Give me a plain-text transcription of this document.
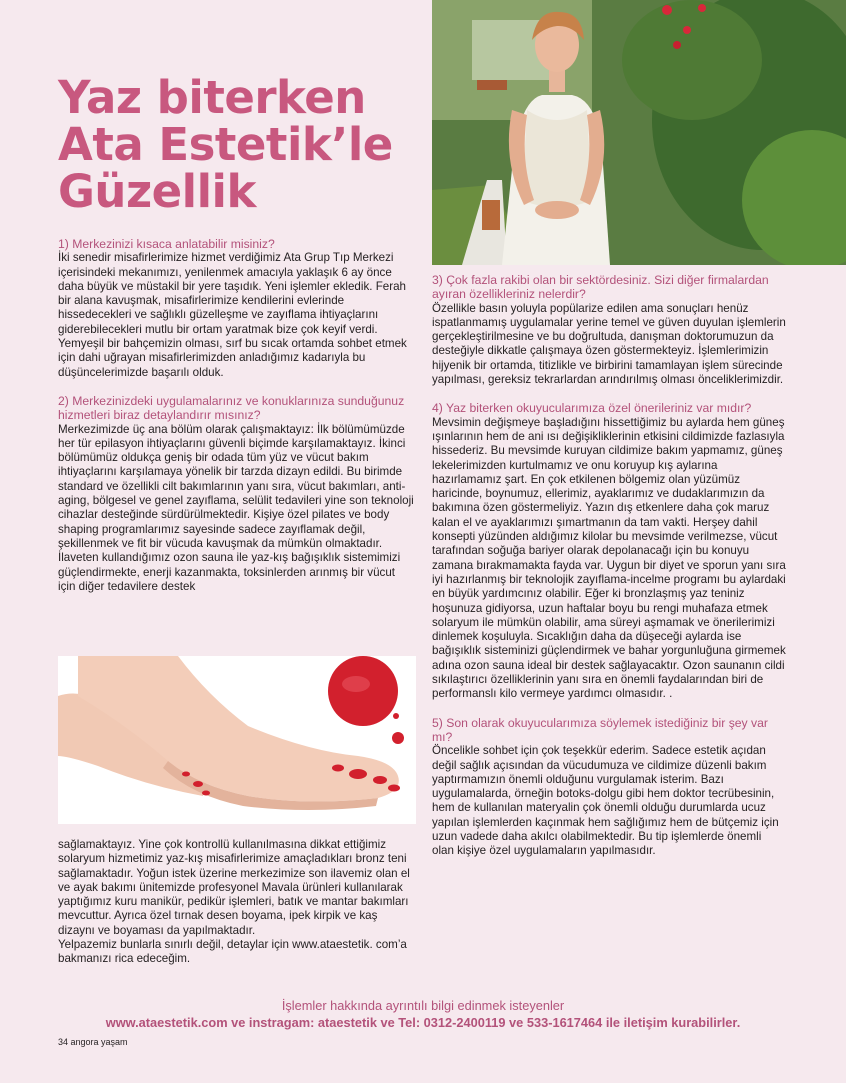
Yaz biterken
Ata Estetik’le
Güzellik

1) Merkezinizi kısaca anlatabilir misiniz?

İki senedir misafirlerimize hizmet verdiğimiz Ata Grup Tıp Merkezi içerisindeki mekanımızı, yenilenmek amacıyla yaklaşık 6 ay önce daha büyük ve müstakil bir yere taşıdık. Yeni işlemler ekledik. Ferah bir alana kavuşmak, misafirlerimize kendilerini evlerinde hissedecekleri ve sağlıklı güzelleşme ve zayıflama ihtiyaçlarını giderebilecekleri mutlu bir ortam yaratmak bize çok keyif verdi. Yemyeşil bir bahçemizin olması, sırf bu sıcak ortamda sohbet etmek için dahi uğrayan misafirlerimizden anladığımız kadarıyla bu düşüncelerimizde başarılı olduk.

2) Merkezinizdeki uygulamalarınız ve konuklarınıza sunduğunuz hizmetleri biraz detaylandırır mısınız?

Merkezimizde üç ana bölüm olarak çalışmaktayız: İlk bölümümüzde her tür epilasyon ihtiyaçlarını güvenli biçimde karşılamaktayız. İkinci bölümümüz oldukça geniş bir odada tüm yüz ve vücut bakım ihtiyaçlarını karşılamaya yönelik bir tarzda dizayn edildi. Bu birimde standard ve özellikli cilt bakımlarının yanı sıra, vücut bakımları, anti-aging, bölgesel ve genel zayıflama, selülit tedavileri yine son teknoloji cihazlar desteğinde sürdürülmektedir. Kişiye özel pilates ve body shaping programlarımız sayesinde sadece zayıflamak değil, şekillenmek ve fit bir vücuda kavuşmak da mümkün olmaktadır. İlaveten kullandığımız ozon sauna ile yaz-kış bağışıklık sistemimizi güçlendirmekte, enerji kazanmakta, toksinlerden arınmış bir vücut için diğer tedavilere destek

sağlamaktayız. Yine çok kontrollü kullanılmasına dikkat ettiğimiz solaryum hizmetimiz yaz-kış misafirlerimize amaçladıkları bronz teni sağlamaktadır. Yoğun istek üzerine merkezimize son ilavemiz olan el ve ayak bakımı ünitemizde profesyonel Mavala ürünleri kullanılarak yaptığımız kuru manikür, pedikür işlemleri, batık ve mantar bakımları mevcuttur. Ayrıca özel tırnak desen boyama, ipek kirpik ve kaş dizaynı ve boyaması da yapılmaktadır.

Yelpazemiz bunlarla sınırlı değil, detaylar için www.ataestetik. com’a bakmanızı rica edeceğim.

3) Çok fazla rakibi olan bir sektördesiniz. Sizi diğer firmalardan ayıran özellikleriniz nelerdir?

Özellikle basın yoluyla popülarize edilen ama sonuçları henüz ispatlanmamış uygulamalar yerine temel ve güven duyulan işlemlerin gerçekleştirilmesine ve bu doğrultuda, danışman doktorumuzun da desteğiyle dikkatle çalışmaya özen göstermekteyiz. İşlemlerimizin hijyenik bir ortamda, titizlikle ve birbirini tamamlayan işlem sürecinde yapılması, gereksiz tekrarlardan arındırılmış olması önceliklerimizdir.

4) Yaz biterken okuyucularımıza özel önerileriniz var mıdır?

Mevsimin değişmeye başladığını hissettiğimiz bu aylarda hem güneş ışınlarının hem de ani ısı değişikliklerinin etkisini cildimizde fazlasıyla hissederiz. Bu mevsimde kuruyan cildimize bakım yapmamız, güneş lekelerimizden kurtulmamız ve onu koruyup kış aylarına hazırlamamız şart. En çok etkilenen bölgemiz olan yüzümüz haricinde, boynumuz, ellerimiz, ayaklarımız ve dudaklarımızın da bakımına özen göstermeliyiz. Yazın dış etkenlere daha çok maruz kalan el ve ayaklarımızı şımartmanın da tam vakti. Herşey dahil konsepti yüzünden aldığımız kilolar bu mevsimde verilmezse, vücut tarafından soğuğa bariyer olarak depolanacağı için bu konuyu zamana bırakmamakta fayda var. Uygun bir diyet ve sporun yanı sıra iyi hazırlanmış bir teknolojik zayıflama-incelme programı bu aylardaki en büyük yardımcınız olabilir. Eğer ki bronzlaşmış yaz teniniz hoşunuza gidiyorsa, uzun haftalar boyu bu rengi muhafaza etmek solaryum ile mümkün olabilir, ama süreyi aşmamak ve önerilerimizi dinlemek koşuluyla. Sıcaklığın daha da düşeceği aylarda ise bağışıklık sisteminizi güçlendirmek ve bahar yorgunluğuna girmemek adına ozon sauna ideal bir destek sağlayacaktır. Ozon saunanın cildi sıkılaştırıcı özelliklerinin yanı sıra en önemli faydalarından biri de performanslı kilo vermeye yardımcı olmasıdır. .

5) Son olarak okuyucularımıza söylemek istediğiniz bir şey var mı?

Öncelikle sohbet için çok teşekkür ederim. Sadece estetik açıdan değil sağlık açısından da vücudumuza ve cildimize düzenli bakım yaptırmamızın önemli olduğunu vurgulamak isterim. Bazı uygulamalarda, örneğin botoks-dolgu gibi hem doktor tecrübesinin, hem de kullanılan materyalin çok önemli olduğu durumlarda ucuz yapılan işlemlerden kaçınmak hem sağlığımız hem de bütçemiz için uzun vadede daha akılcı olabilmektedir. Bu tip işlemlerde önemli olan kişiye özel uygulamaların yapılmasıdır.

İşlemler hakkında ayrıntılı bilgi edinmek isteyenler
www.ataestetik.com ve instragam: ataestetik ve Tel: 0312-2400119 ve 533-1617464 ile iletişim kurabilirler.
34 angora yaşam
